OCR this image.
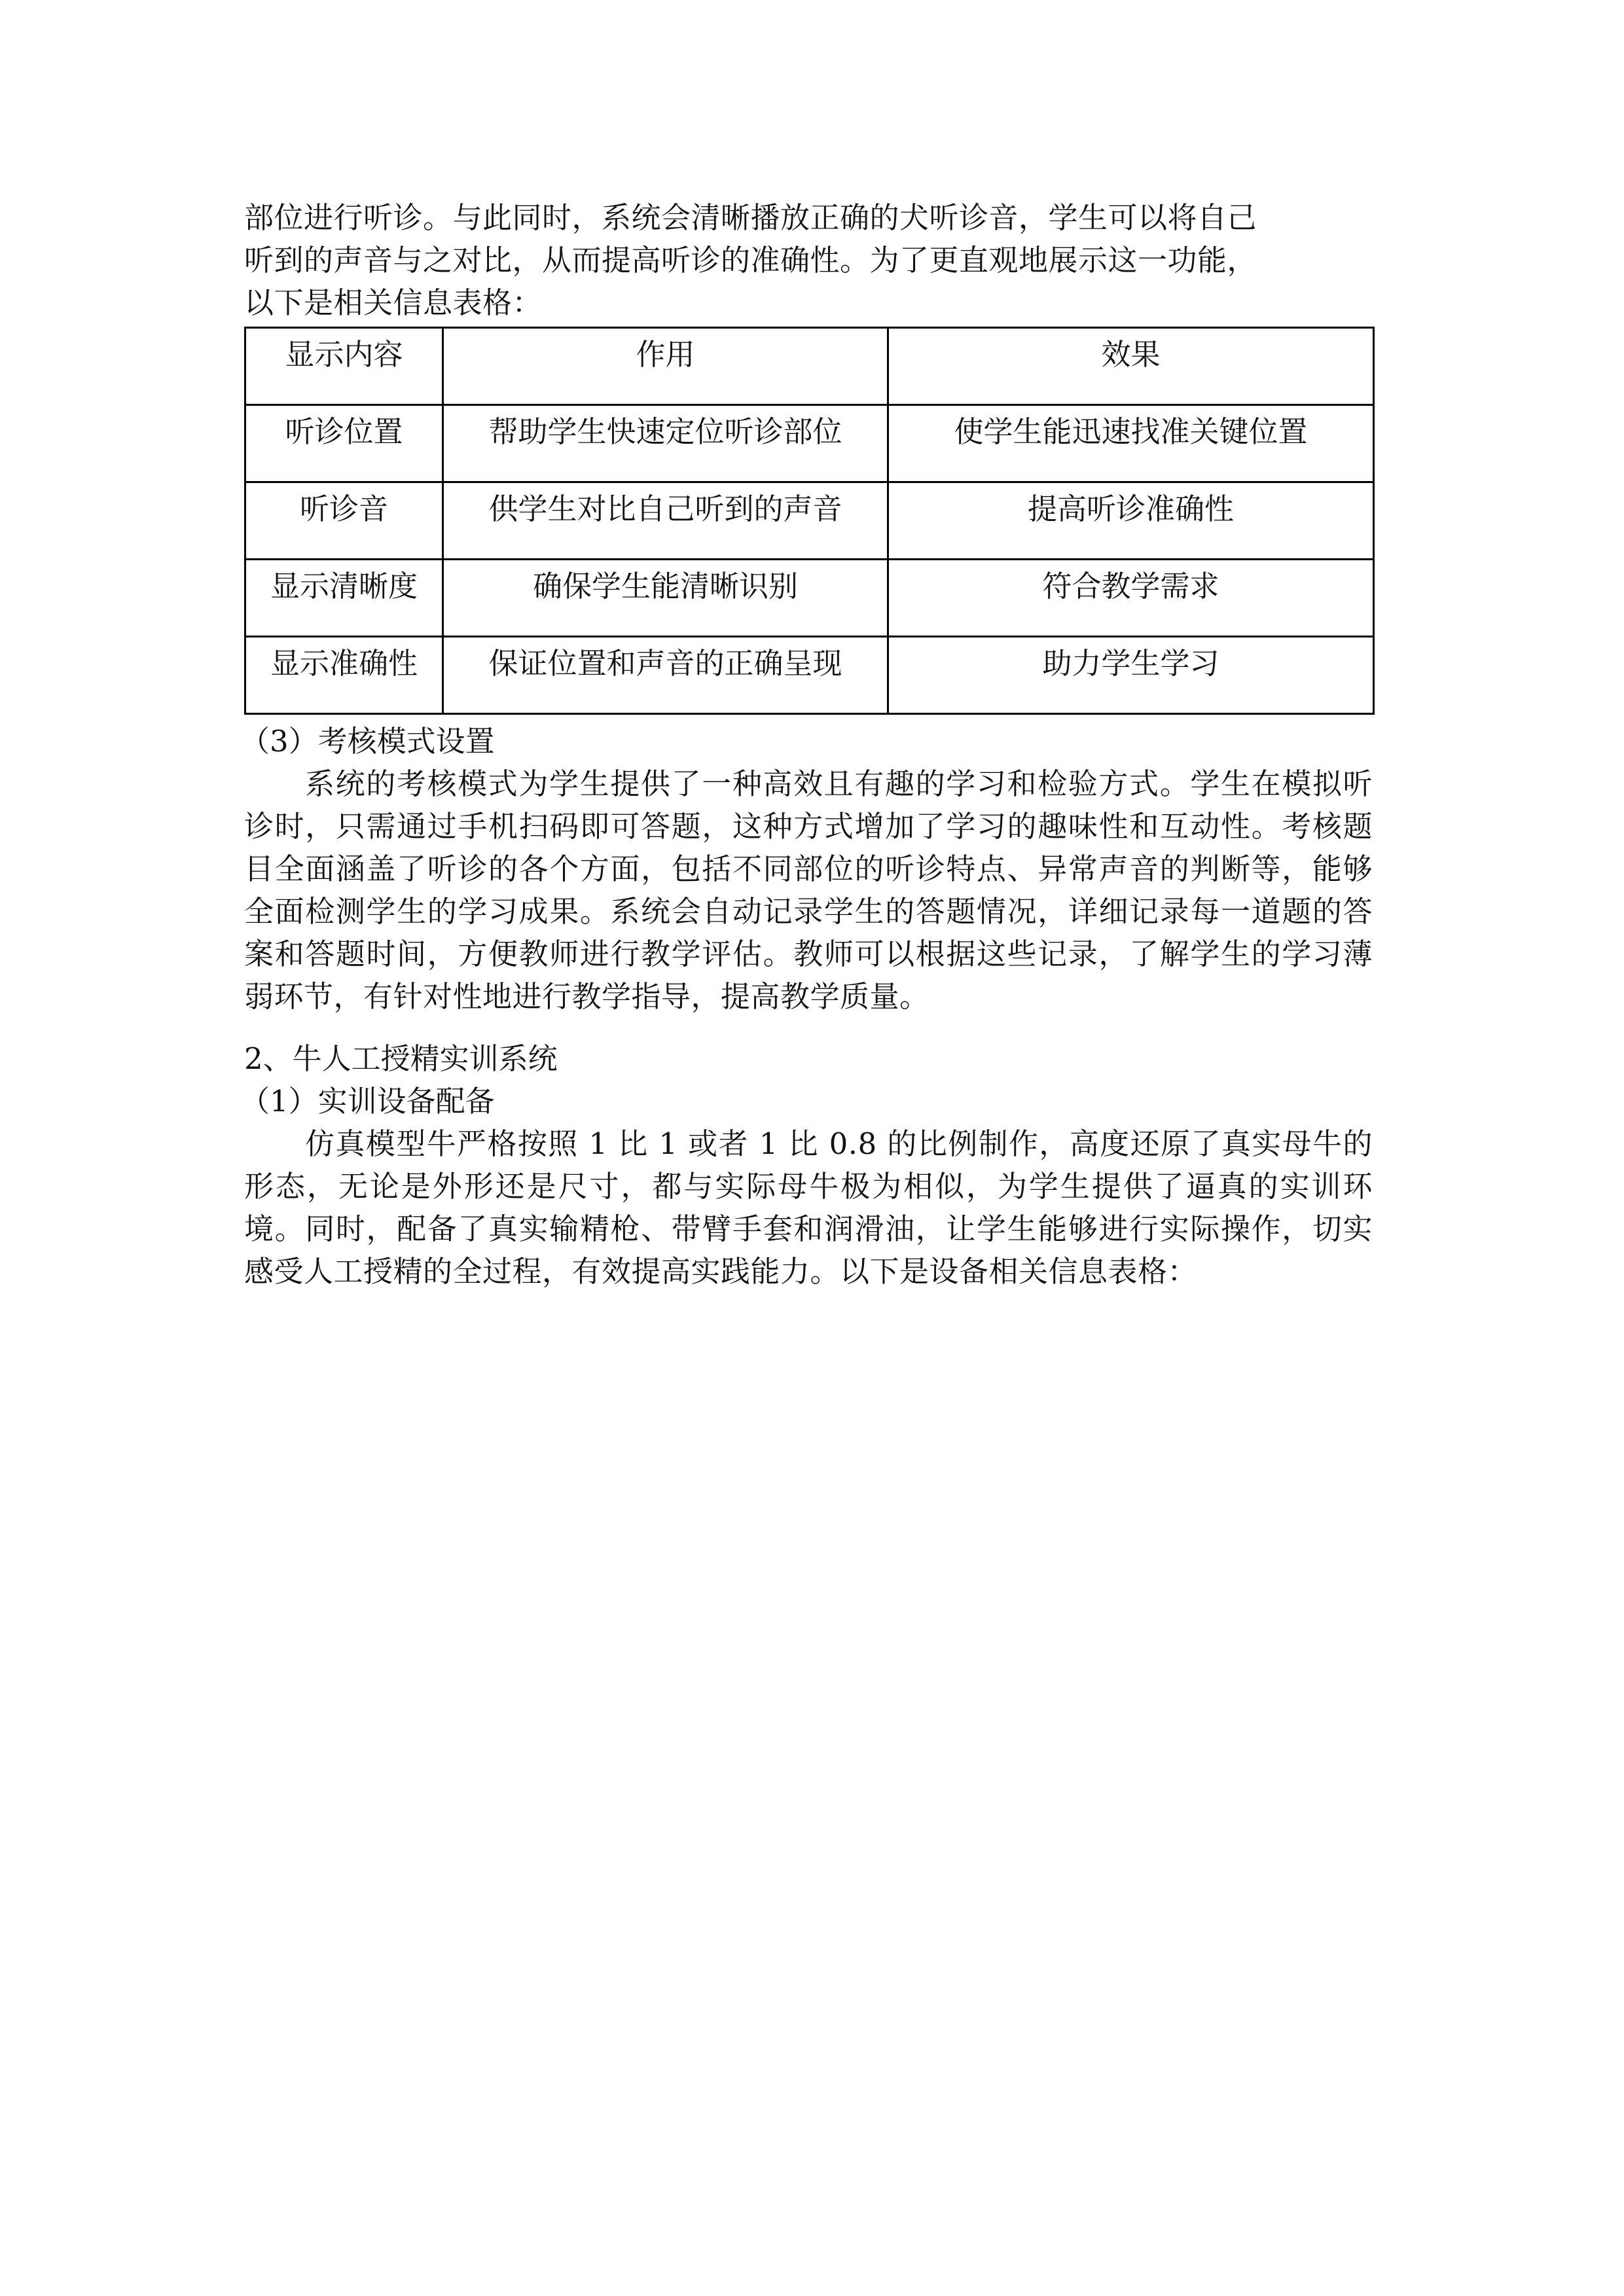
部位进行听诊。与此同时，系统会清晰播放正确的犬听诊音，学生可以将自己

听到的声音与之对比，从而提高听诊的准确性。为了更直观地展示这一功能，

以下是相关信息表格：

显示内容	作用	效果
听诊位置	帮助学生快速定位听诊部位	使学生能迅速找准关键位置
听诊音	供学生对比自己听到的声音	提高听诊准确性
显示清晰度	确保学生能清晰识别	符合教学需求
显示准确性	保证位置和声音的正确呈现	助力学生学习

（3）考核模式设置

系统的考核模式为学生提供了一种高效且有趣的学习和检验方式。学生在模拟听诊时，只需通过手机扫码即可答题，这种方式增加了学习的趣味性和互动性。考核题目全面涵盖了听诊的各个方面，包括不同部位的听诊特点、异常声音的判断等，能够全面检测学生的学习成果。系统会自动记录学生的答题情况，详细记录每一道题的答案和答题时间，方便教师进行教学评估。教师可以根据这些记录，了解学生的学习薄弱环节，有针对性地进行教学指导，提高教学质量。

2、牛人工授精实训系统

（1）实训设备配备

仿真模型牛严格按照 1 比 1 或者 1 比 0.8 的比例制作，高度还原了真实母牛的形态，无论是外形还是尺寸，都与实际母牛极为相似，为学生提供了逼真的实训环境。同时，配备了真实输精枪、带臂手套和润滑油，让学生能够进行实际操作，切实感受人工授精的全过程，有效提高实践能力。以下是设备相关信息表格：
